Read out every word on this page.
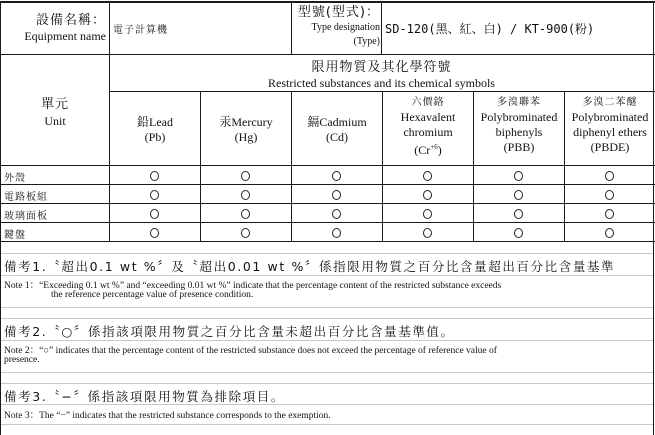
設備名稱：
Equipment name 電子計算機
型號(型式)：
Type designation
(Type)
SD-120(黑、紅、白) / KT-900(粉)
單元
Unit
限用物質及其化學符號
Restricted substances and its chemical symbols
鉛Lead
(Pb)
汞Mercury
(Hg)
鎘Cadmium
(Cd)
六價鉻
Hexavalent
chromium
$(Cr^{+6})$
多溴聯苯
Polybrominated
biphenyls
(PBB)
多溴二苯醚
Polybrominated
diphenyl ethers
(PBDE)
外殼
電路板組
玻璃面板
鍵盤
備考1.〝超出0.1 wt %〞及〝超出0.01 wt %〞係指限用物質之百分比含量超出百分比含量基準
Note 1：“Exceeding 0.1 wt %” and “exceeding 0.01 wt %” indicate that the percentage content of the restricted substance exceeds
the reference percentage value of presence condition.
備考2.〝○〞係指該項限用物質之百分比含量未超出百分比含量基準值。
Note 2：“○” indicates that the percentage content of the restricted substance does not exceed the percentage of reference value of
presence.
備考3.〝−〞係指該項限用物質為排除項目。
Note 3：The “−” indicates that the restricted substance corresponds to the exemption.
